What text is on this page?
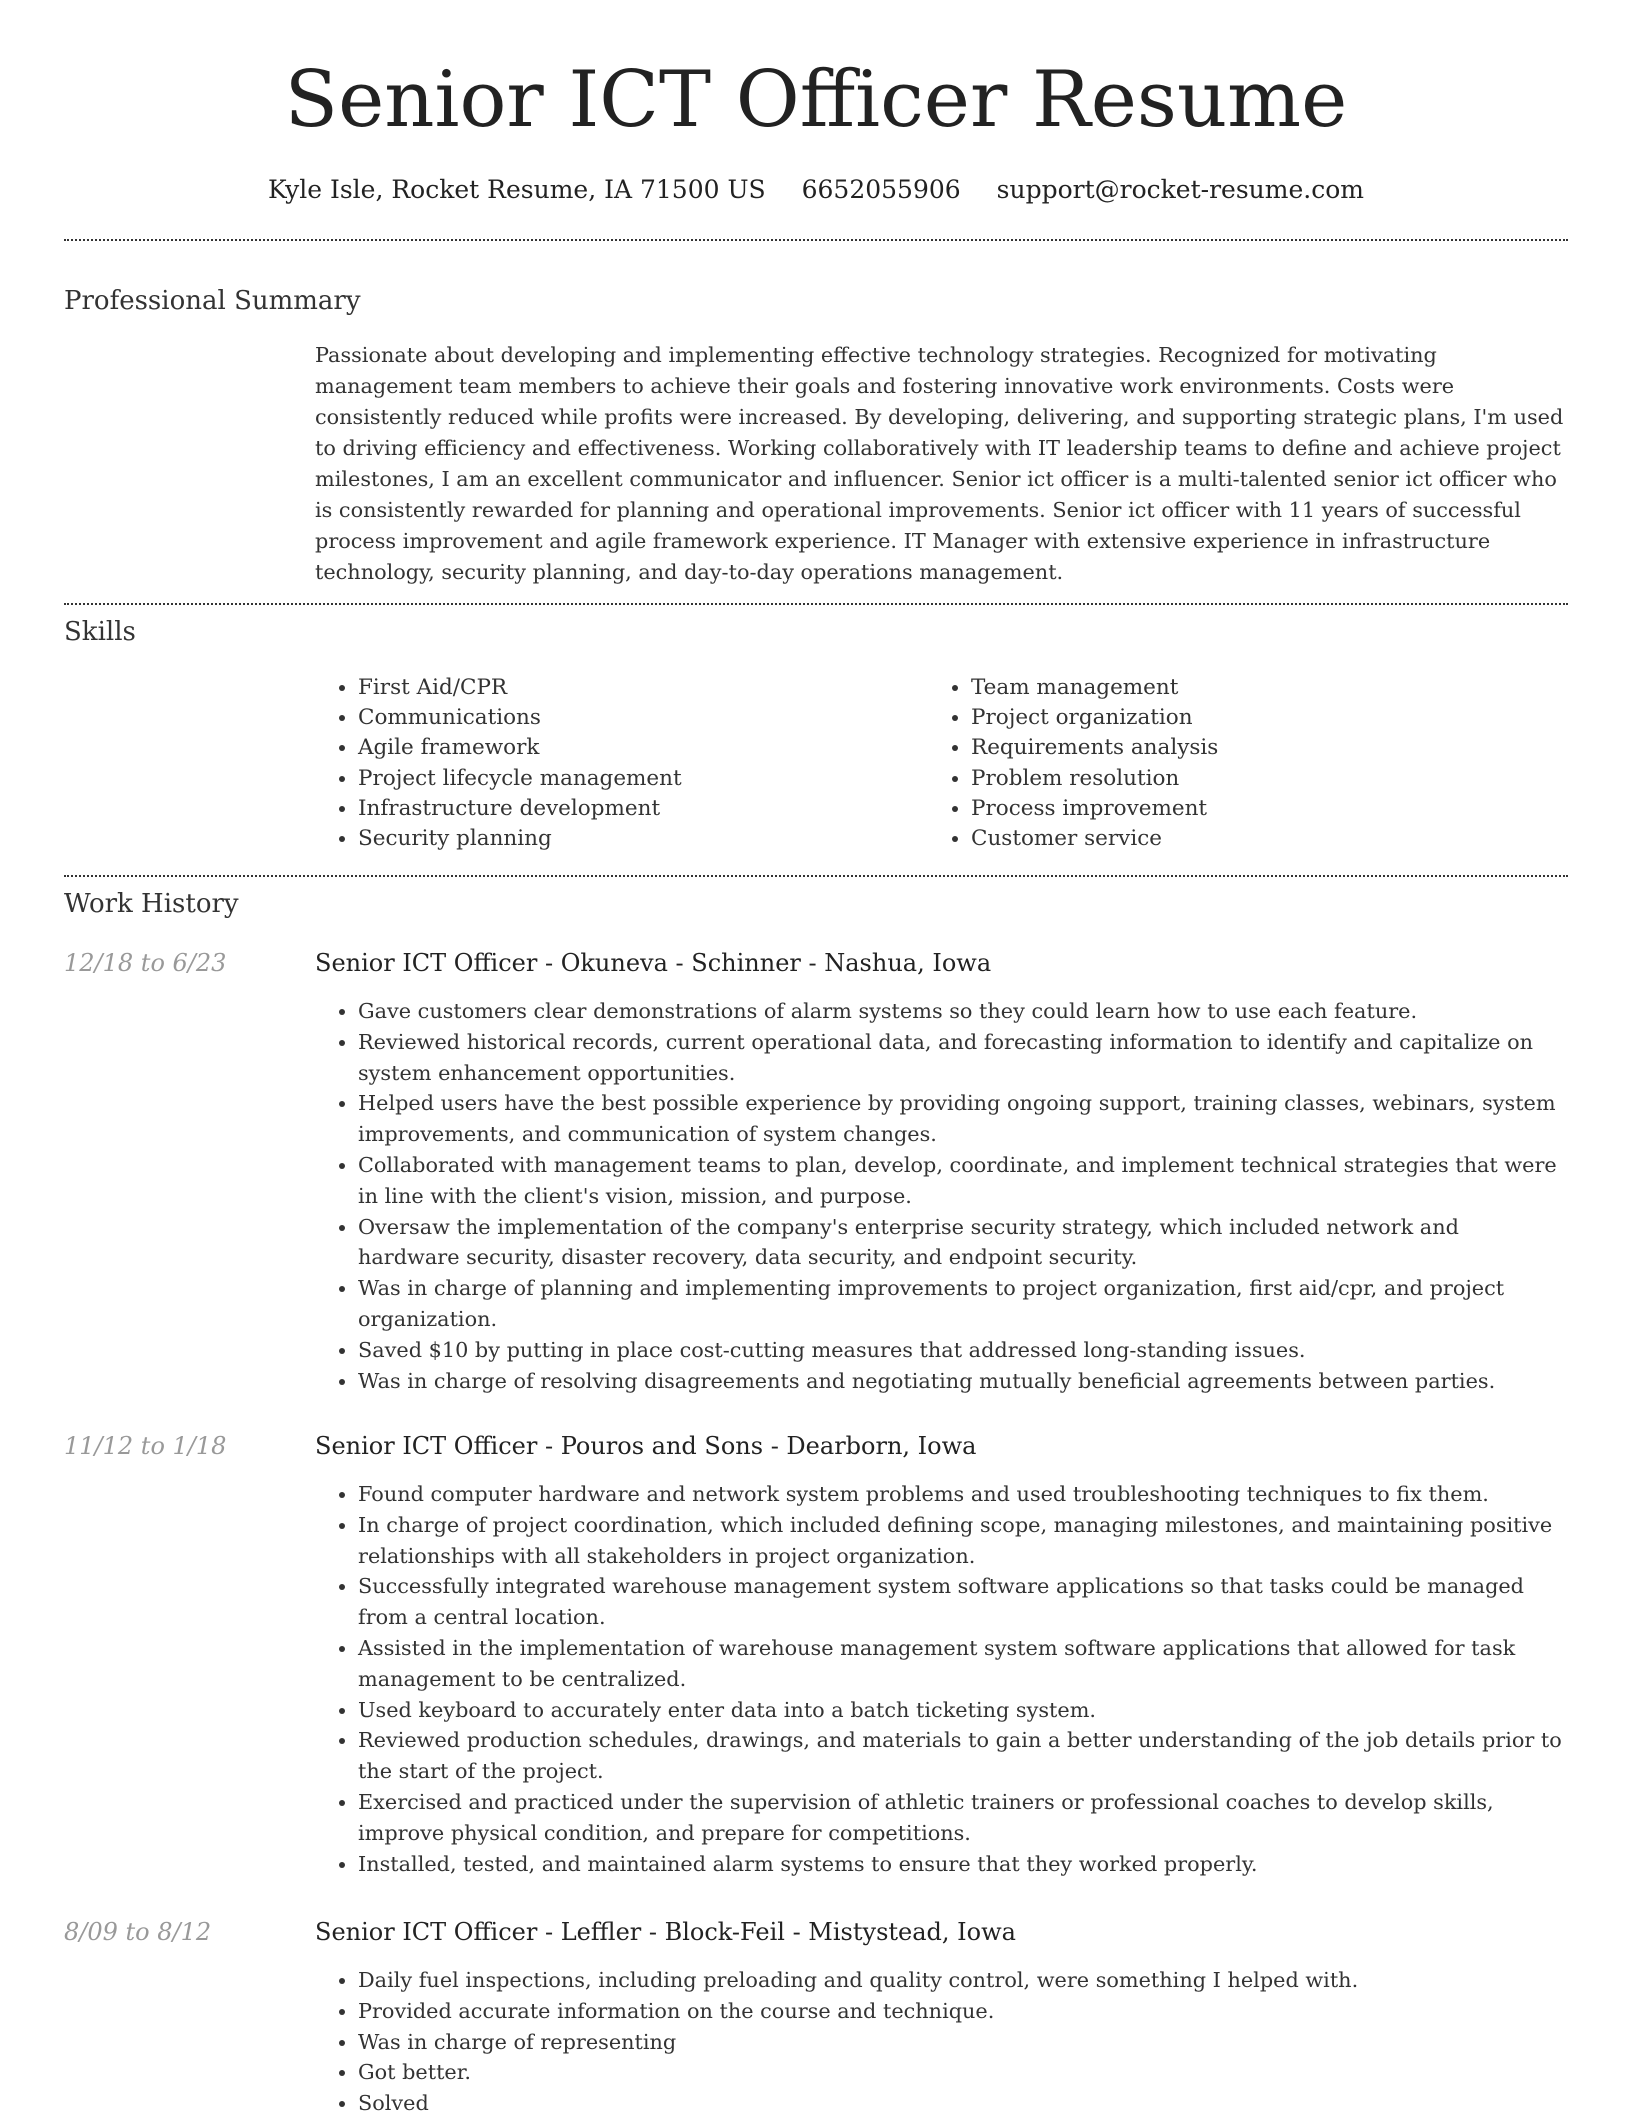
Senior ICT Officer Resume
Kyle Isle, Rocket Resume, IA 71500 US 6652055906 support@rocket-resume.com
Professional Summary

Passionate about developing and implementing effective technology strategies. Recognized for motivating management team members to achieve their goals and fostering innovative work environments. Costs were consistently reduced while profits were increased. By developing, delivering, and supporting strategic plans, I'm used to driving efficiency and effectiveness. Working collaboratively with IT leadership teams to define and achieve project milestones, I am an excellent communicator and influencer. Senior ict officer is a multi-talented senior ict officer who is consistently rewarded for planning and operational improvements. Senior ict officer with 11 years of successful process improvement and agile framework experience. IT Manager with extensive experience in infrastructure technology, security planning, and day-to-day operations management.

Skills
• First Aid/CPR
• Communications
• Agile framework
• Project lifecycle management
• Infrastructure development
• Security planning
• Team management
• Project organization
• Requirements analysis
• Problem resolution
• Process improvement
• Customer service
Work History
12/18 to 6/23	Senior ICT Officer - Okuneva - Schinner - Nashua, Iowa
• Gave customers clear demonstrations of alarm systems so they could learn how to use each feature.
• Reviewed historical records, current operational data, and forecasting information to identify and capitalize on system enhancement opportunities.
• Helped users have the best possible experience by providing ongoing support, training classes, webinars, system improvements, and communication of system changes.
• Collaborated with management teams to plan, develop, coordinate, and implement technical strategies that were in line with the client's vision, mission, and purpose.
• Oversaw the implementation of the company's enterprise security strategy, which included network and hardware security, disaster recovery, data security, and endpoint security.
• Was in charge of planning and implementing improvements to project organization, first aid/cpr, and project organization.
• Saved $10 by putting in place cost-cutting measures that addressed long-standing issues.
• Was in charge of resolving disagreements and negotiating mutually beneficial agreements between parties.
11/12 to 1/18	Senior ICT Officer - Pouros and Sons - Dearborn, Iowa
• Found computer hardware and network system problems and used troubleshooting techniques to fix them.
• In charge of project coordination, which included defining scope, managing milestones, and maintaining positive relationships with all stakeholders in project organization.
• Successfully integrated warehouse management system software applications so that tasks could be managed from a central location.
• Assisted in the implementation of warehouse management system software applications that allowed for task management to be centralized.
• Used keyboard to accurately enter data into a batch ticketing system.
• Reviewed production schedules, drawings, and materials to gain a better understanding of the job details prior to the start of the project.
• Exercised and practiced under the supervision of athletic trainers or professional coaches to develop skills, improve physical condition, and prepare for competitions.
• Installed, tested, and maintained alarm systems to ensure that they worked properly.
8/09 to 8/12	Senior ICT Officer - Leffler - Block-Feil - Mistystead, Iowa
• Daily fuel inspections, including preloading and quality control, were something I helped with.
• Provided accurate information on the course and technique.
• Was in charge of representing
• Got better.
• Solved
